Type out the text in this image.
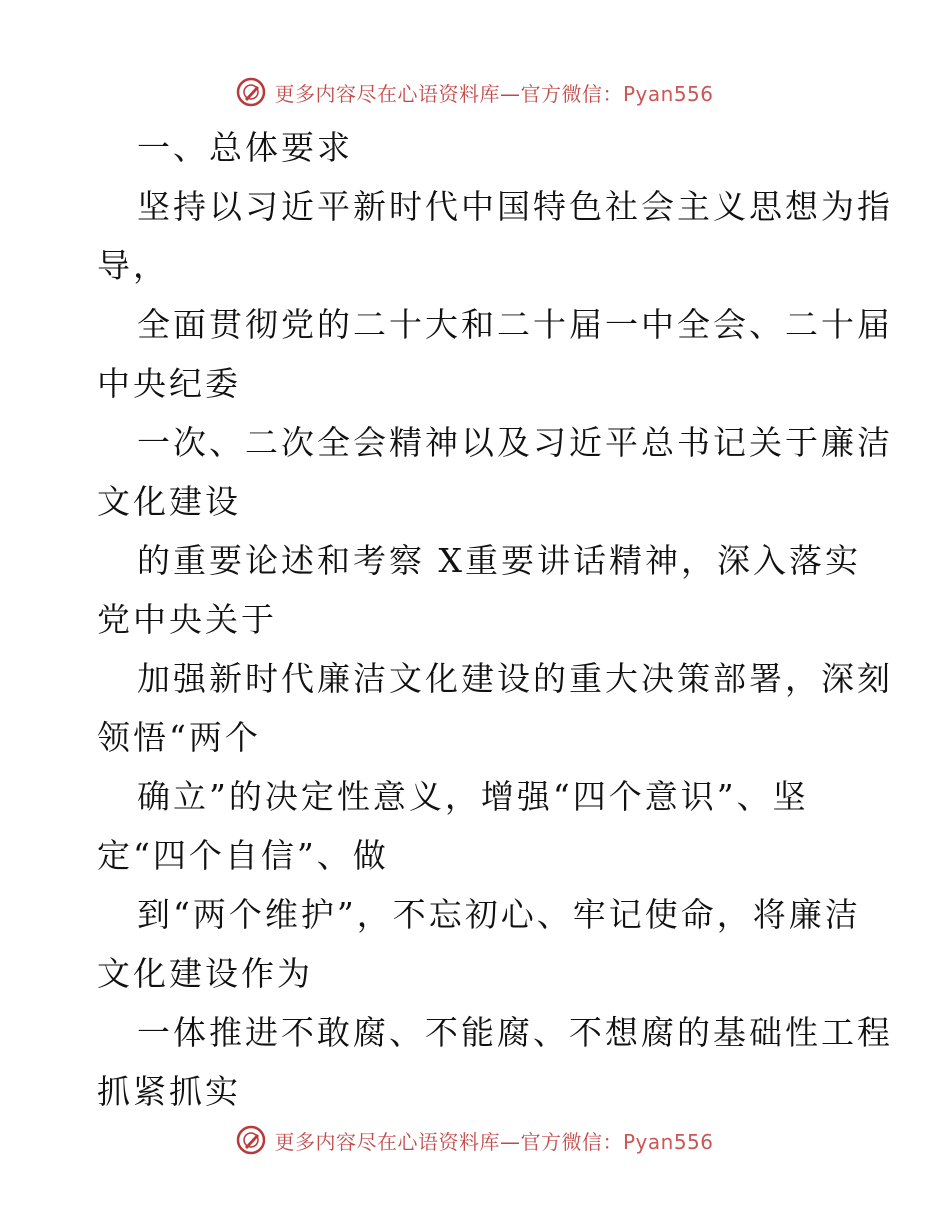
更多内容尽在心语资料库—官方微信：Pyan556
一、总体要求
坚持以习近平新时代中国特色社会主义思想为指
导，
全面贯彻党的二十大和二十届一中全会、二十届
中央纪委
一次、二次全会精神以及习近平总书记关于廉洁
文化建设
的重要论述和考察 X重要讲话精神，深入落实
党中央关于
加强新时代廉洁文化建设的重大决策部署，深刻
领悟“两个
确立”的决定性意义，增强“四个意识”、坚
定“四个自信”、做
到“两个维护”，不忘初心、牢记使命，将廉洁
文化建设作为
一体推进不敢腐、不能腐、不想腐的基础性工程
抓紧抓实
更多内容尽在心语资料库—官方微信：Pyan556
